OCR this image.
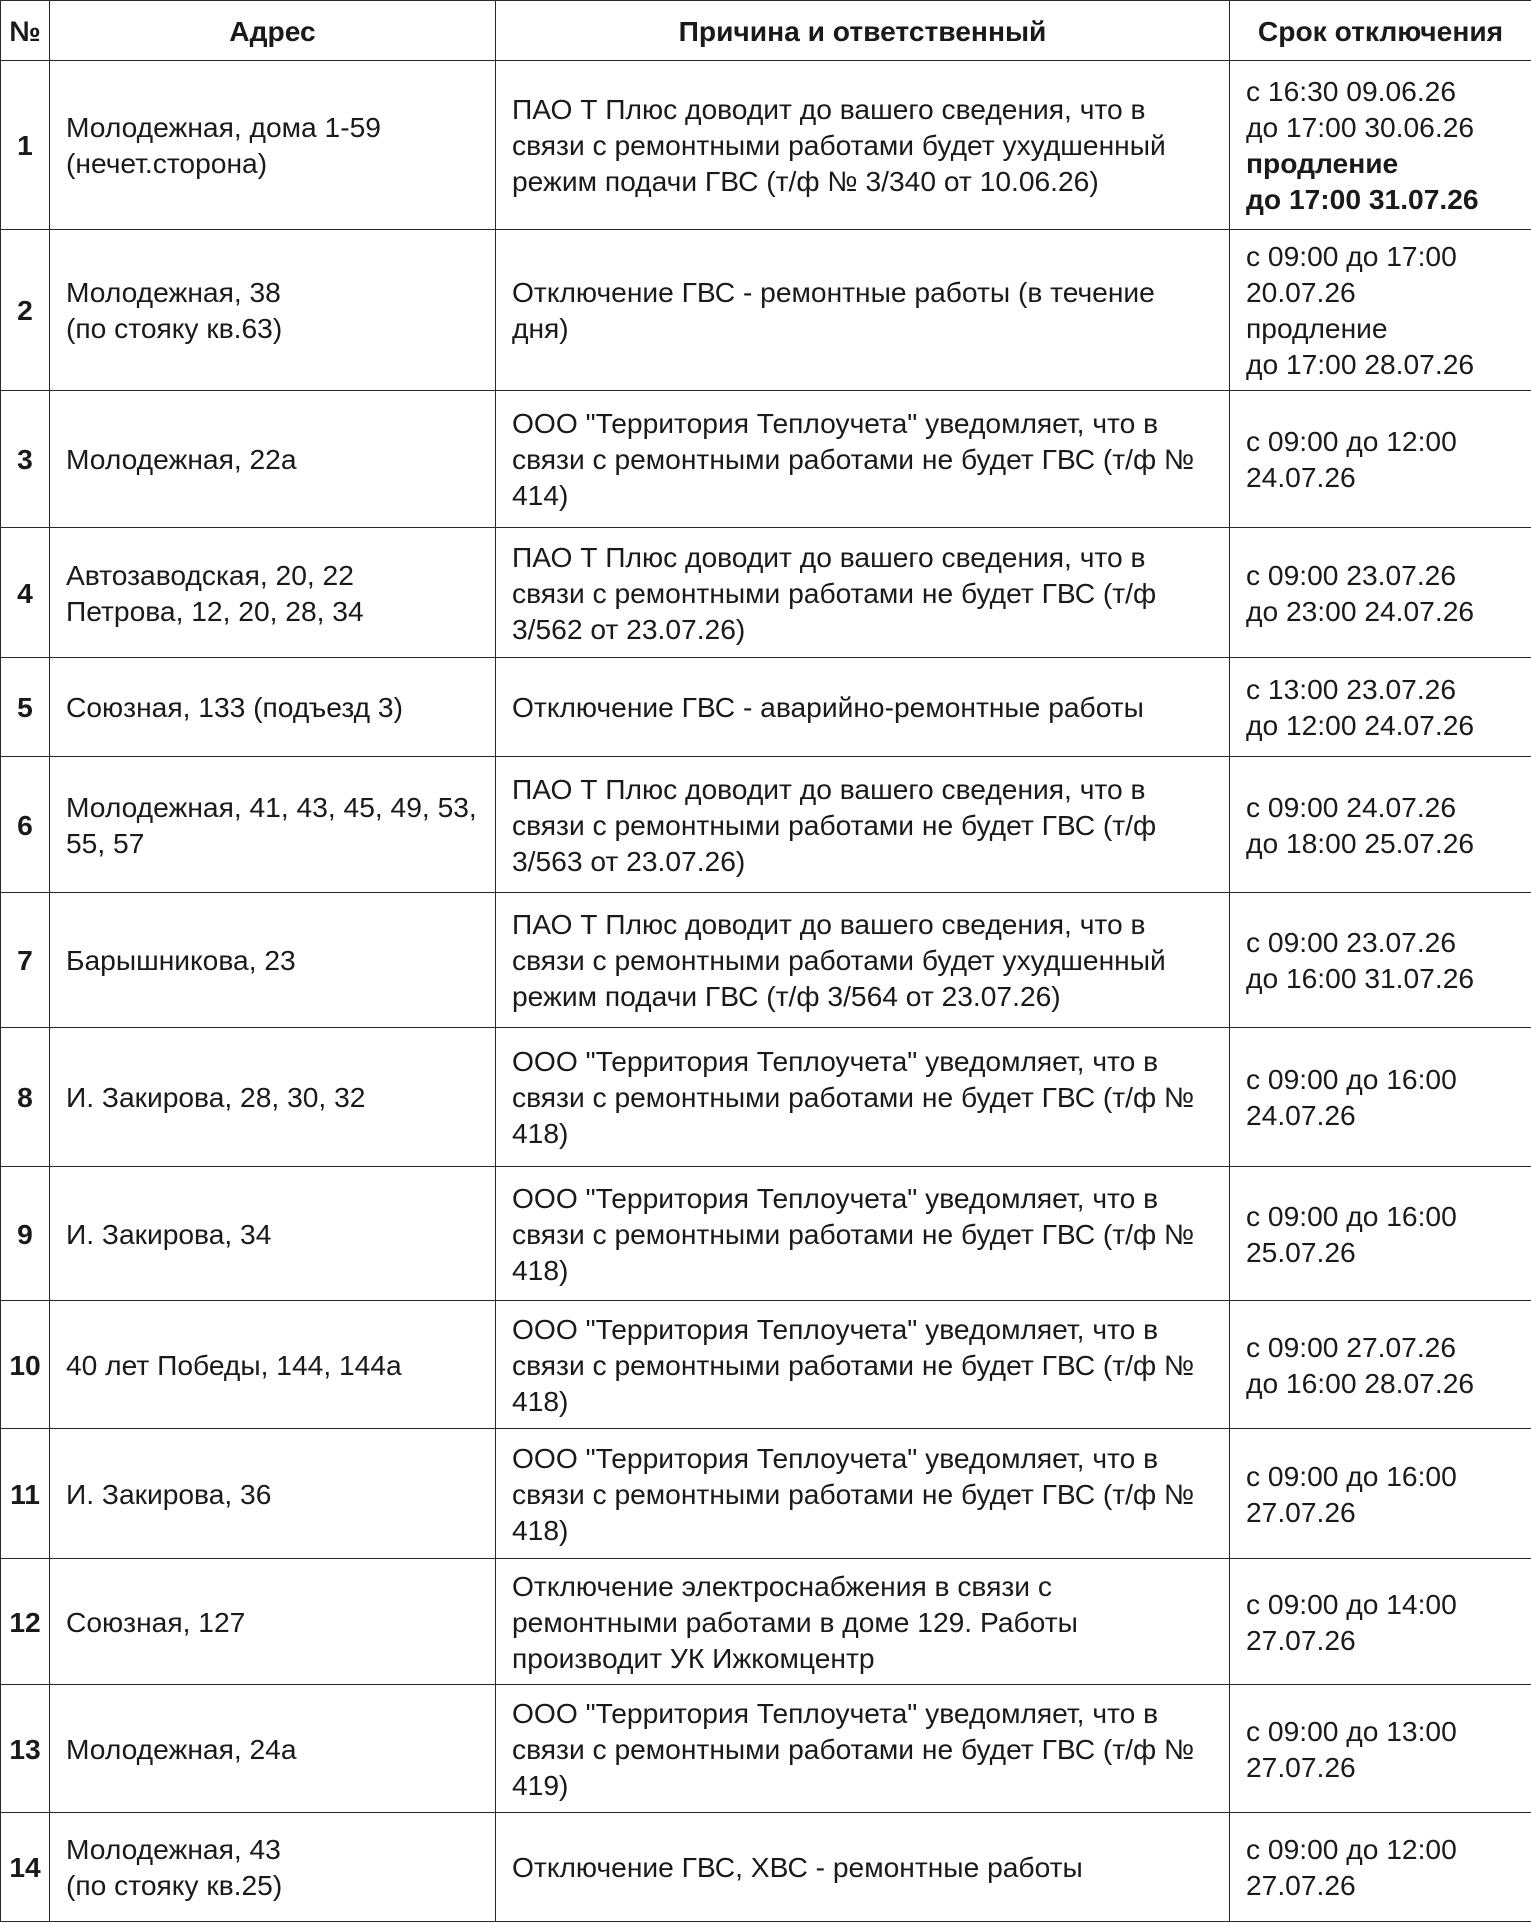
№	Адрес	Причина и ответственный	Срок отключения
1	Молодежная, дома 1-59
(нечет.сторона)	ПАО Т Плюс доводит до вашего сведения, что в
связи с ремонтными работами будет ухудшенный
режим подачи ГВС (т/ф № 3/340 от 10.06.26)	с 16:30 09.06.26
до 17:00 30.06.26
продление
до 17:00 31.07.26

2	Молодежная, 38
(по стояку кв.63)	Отключение ГВС - ремонтные работы (в течение
дня)	с 09:00 до 17:00
20.07.26
продление
до 17:00 28.07.26

3	Молодежная, 22а	ООО "Территория Теплоучета" уведомляет, что в
связи с ремонтными работами не будет ГВС (т/ф №
414)	с 09:00 до 12:00
24.07.26

4	Автозаводская, 20, 22
Петрова, 12, 20, 28, 34	ПАО Т Плюс доводит до вашего сведения, что в
связи с ремонтными работами не будет ГВС (т/ф
3/562 от 23.07.26)	с 09:00 23.07.26
до 23:00 24.07.26

5	Союзная, 133 (подъезд 3)	Отключение ГВС - аварийно-ремонтные работы	с 13:00 23.07.26
до 12:00 24.07.26

6	Молодежная, 41, 43, 45, 49, 53,
55, 57	ПАО Т Плюс доводит до вашего сведения, что в
связи с ремонтными работами не будет ГВС (т/ф
3/563 от 23.07.26)	с 09:00 24.07.26
до 18:00 25.07.26

7	Барышникова, 23	ПАО Т Плюс доводит до вашего сведения, что в
связи с ремонтными работами будет ухудшенный
режим подачи ГВС (т/ф 3/564 от 23.07.26)	с 09:00 23.07.26
до 16:00 31.07.26

8	И. Закирова, 28, 30, 32	ООО "Территория Теплоучета" уведомляет, что в
связи с ремонтными работами не будет ГВС (т/ф №
418)	с 09:00 до 16:00
24.07.26

9	И. Закирова, 34	ООО "Территория Теплоучета" уведомляет, что в
связи с ремонтными работами не будет ГВС (т/ф №
418)	с 09:00 до 16:00
25.07.26

10	40 лет Победы, 144, 144а	ООО "Территория Теплоучета" уведомляет, что в
связи с ремонтными работами не будет ГВС (т/ф №
418)	с 09:00 27.07.26
до 16:00 28.07.26

11	И. Закирова, 36	ООО "Территория Теплоучета" уведомляет, что в
связи с ремонтными работами не будет ГВС (т/ф №
418)	с 09:00 до 16:00
27.07.26

12	Союзная, 127	Отключение электроснабжения в связи с
ремонтными работами в доме 129. Работы
производит УК Ижкомцентр	с 09:00 до 14:00
27.07.26

13	Молодежная, 24а	ООО "Территория Теплоучета" уведомляет, что в
связи с ремонтными работами не будет ГВС (т/ф №
419)	с 09:00 до 13:00
27.07.26

14	Молодежная, 43
(по стояку кв.25)	Отключение ГВС, ХВС - ремонтные работы	с 09:00 до 12:00
27.07.26
